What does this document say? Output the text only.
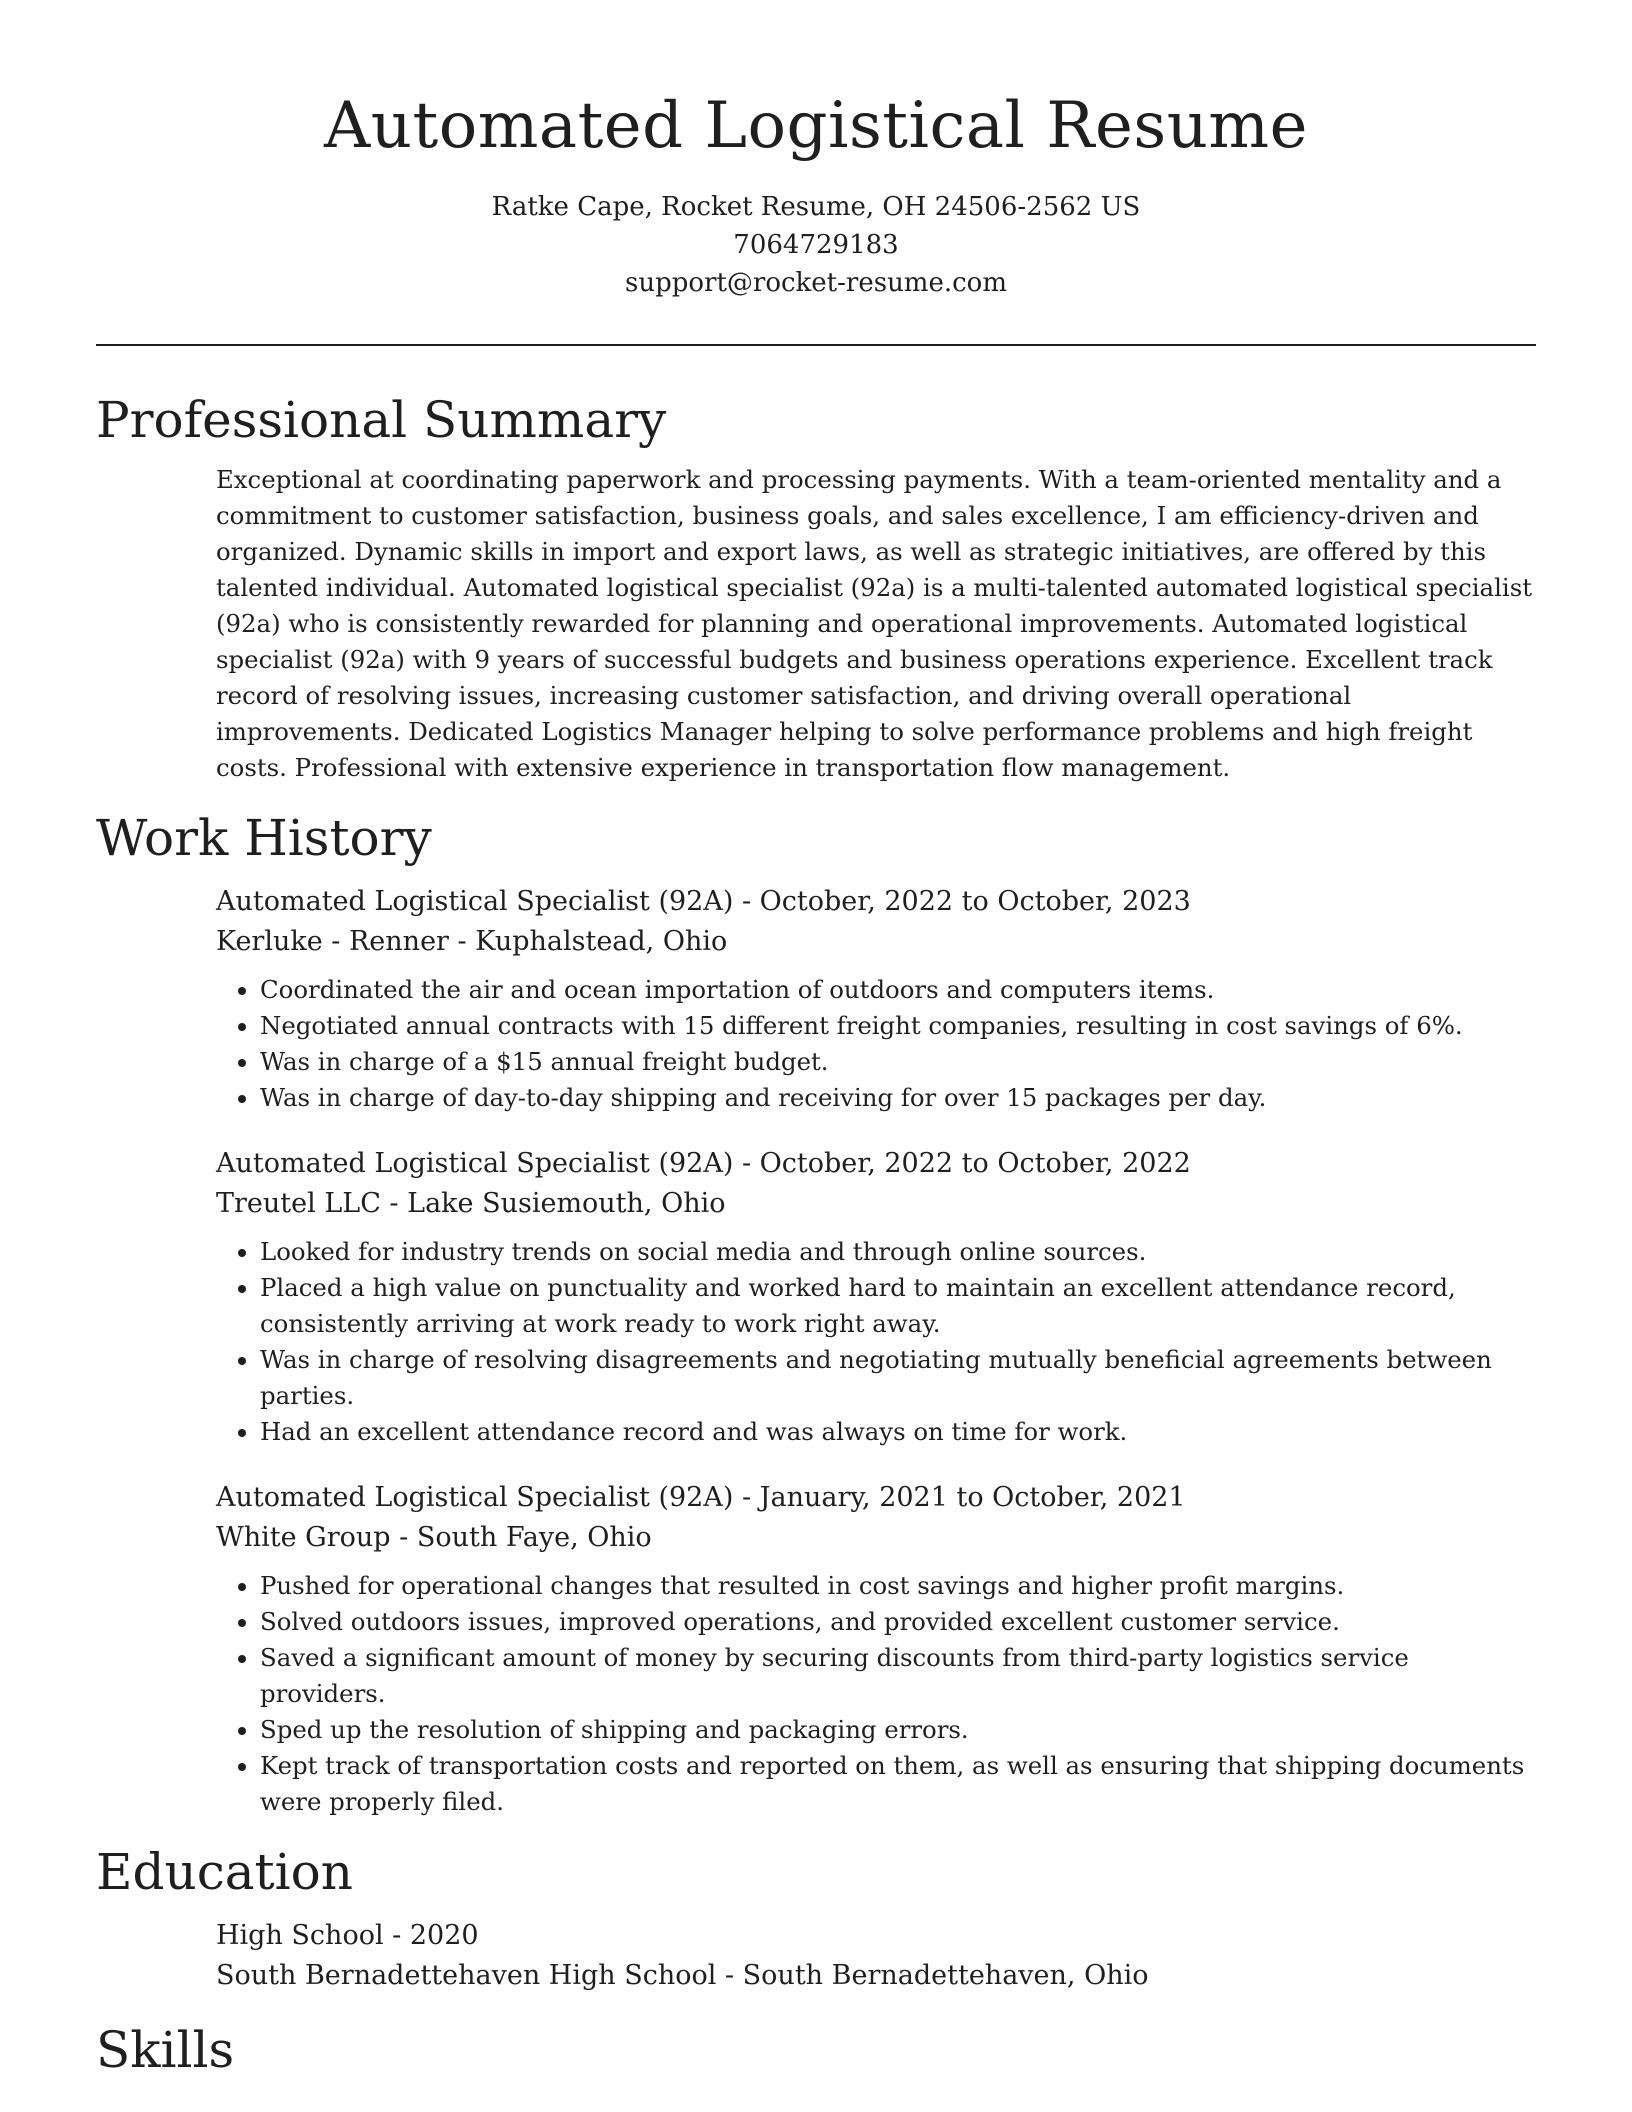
Automated Logistical Resume
Ratke Cape, Rocket Resume, OH 24506-2562 US
7064729183
support@rocket-resume.com
Professional Summary
Exceptional at coordinating paperwork and processing payments. With a team-oriented mentality and a commitment to customer satisfaction, business goals, and sales excellence, I am efficiency-driven and organized. Dynamic skills in import and export laws, as well as strategic initiatives, are offered by this talented individual. Automated logistical specialist (92a) is a multi-talented automated logistical specialist (92a) who is consistently rewarded for planning and operational improvements. Automated logistical specialist (92a) with 9 years of successful budgets and business operations experience. Excellent track record of resolving issues, increasing customer satisfaction, and driving overall operational improvements. Dedicated Logistics Manager helping to solve performance problems and high freight costs. Professional with extensive experience in transportation flow management.
Work History
Automated Logistical Specialist (92A) - October, 2022 to October, 2023
Kerluke - Renner - Kuphalstead, Ohio
• Coordinated the air and ocean importation of outdoors and computers items.
• Negotiated annual contracts with 15 different freight companies, resulting in cost savings of 6%.
• Was in charge of a $15 annual freight budget.
• Was in charge of day-to-day shipping and receiving for over 15 packages per day.
Automated Logistical Specialist (92A) - October, 2022 to October, 2022
Treutel LLC - Lake Susiemouth, Ohio
• Looked for industry trends on social media and through online sources.
• Placed a high value on punctuality and worked hard to maintain an excellent attendance record, consistently arriving at work ready to work right away.
• Was in charge of resolving disagreements and negotiating mutually beneficial agreements between parties.
• Had an excellent attendance record and was always on time for work.
Automated Logistical Specialist (92A) - January, 2021 to October, 2021
White Group - South Faye, Ohio
• Pushed for operational changes that resulted in cost savings and higher profit margins.
• Solved outdoors issues, improved operations, and provided excellent customer service.
• Saved a significant amount of money by securing discounts from third-party logistics service providers.
• Sped up the resolution of shipping and packaging errors.
• Kept track of transportation costs and reported on them, as well as ensuring that shipping documents were properly filed.
Education
High School - 2020
South Bernadettehaven High School - South Bernadettehaven, Ohio
Skills
